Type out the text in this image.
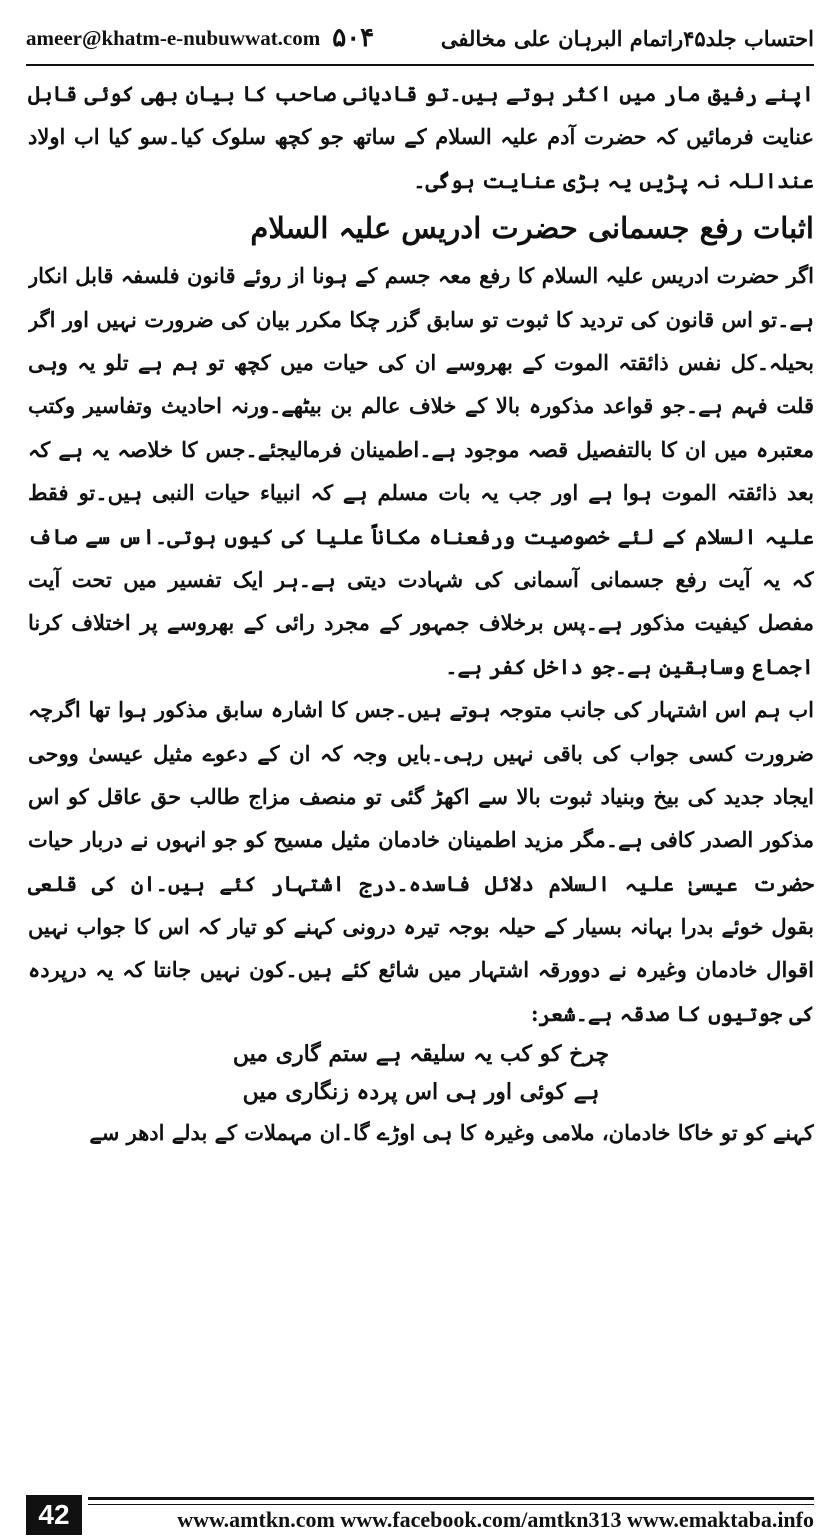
ameer@khatm-e-nubuwwat.com ۵۰۴	احتساب جلد۴۵راتمام البرہان علی مخالفی
اپنے رفیق مار میں اکثر ہوتے ہیں۔تو قادیانی صاحب کا بیان بھی کوئی قابل
عنایت فرمائیں کہ حضرت آدم علیہ السلام کے ساتھ جو کچھ سلوک کیا۔سو کیا اب اولاد
عنداللہ نہ پڑیں یہ بڑی عنایت ہوگی۔
اثبات رفع جسمانی حضرت ادریس علیہ السلام
اگر حضرت ادریس علیہ السلام کا رفع معہ جسم کے ہونا از روئے قانون فلسفہ قابل انکار
ہے۔تو اس قانون کی تردید کا ثبوت تو سابق گزر چکا مکرر بیان کی ضرورت نہیں اور اگر
بحیلہ۔کل نفس ذائقتہ الموت کے بھروسے ان کی حیات میں کچھ تو ہم ہے تلو یہ وہی
قلت فہم ہے۔جو قواعد مذکورہ بالا کے خلاف عالم بن بیٹھے۔ورنہ احادیث وتفاسیر وکتب
معتبرہ میں ان کا بالتفصیل قصہ موجود ہے۔اطمینان فرمالیجئے۔جس کا خلاصہ یہ ہے کہ
بعد ذائقتہ الموت ہوا ہے اور جب یہ بات مسلم ہے کہ انبیاء حیات النبی ہیں۔تو فقط
علیہ السلام کے لئے خصوصیت ورفعناہ مکاناً علیا کی کیوں ہوتی۔اس سے صاف
کہ یہ آیت رفع جسمانی آسمانی کی شہادت دیتی ہے۔ہر ایک تفسیر میں تحت آیت
مفصل کیفیت مذکور ہے۔پس برخلاف جمہور کے مجرد رائی کے بھروسے پر اختلاف کرنا
اجماع وسابقین ہے۔جو داخل کفر ہے۔
اب ہم اس اشتہار کی جانب متوجہ ہوتے ہیں۔جس کا اشارہ سابق مذکور ہوا تھا اگرچہ
ضرورت کسی جواب کی باقی نہیں رہی۔بایں وجہ کہ ان کے دعوے مثیل عیسیٰ ووحی
ایجاد جدید کی بیخ وبنیاد ثبوت بالا سے اکھڑ گئی تو منصف مزاج طالب حق عاقل کو اس
مذکور الصدر کافی ہے۔مگر مزید اطمینان خادمان مثیل مسیح کو جو انہوں نے دربار حیات
حضرت عیسیٰ علیہ السلام دلائل فاسدہ۔درج اشتہار کئے ہیں۔ان کی قلعی
بقول خوئے بدرا بہانہ بسیار کے حیلہ بوجہ تیرہ درونی کہنے کو تیار کہ اس کا جواب نہیں
اقوال خادمان وغیرہ نے دوورقہ اشتہار میں شائع کئے ہیں۔کون نہیں جانتا کہ یہ درپردہ
کی جوتیوں کا صدقہ ہے۔شعر:
چرخ کو کب یہ سلیقہ ہے ستم گاری میں
ہے کوئی اور ہی اس پردہ زنگاری میں
کہنے کو تو خاکا خادمان، ملامی وغیرہ کا ہی اوڑے گا۔ان مہملات کے بدلے ادھر سے
42	www.amtkn.com www.facebook.com/amtkn313 www.emaktaba.info
